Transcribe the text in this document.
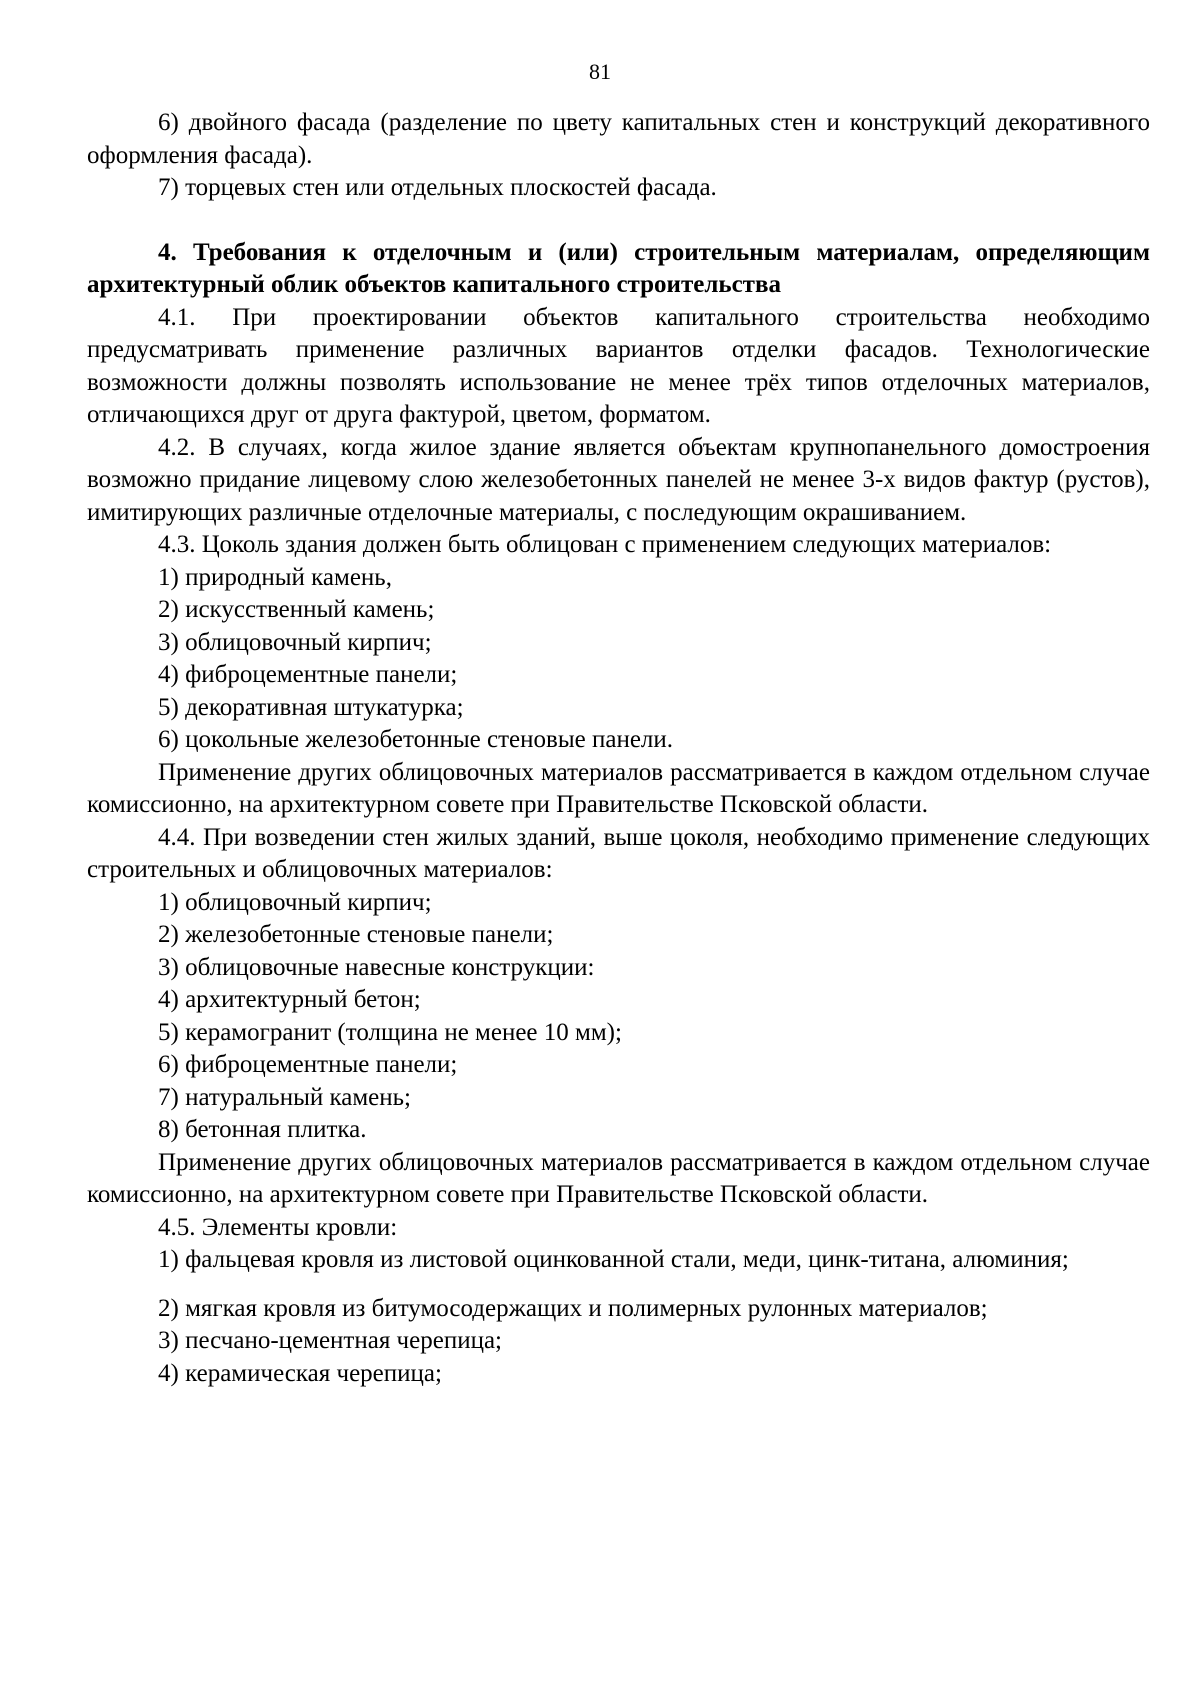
81

6) двойного фасада (разделение по цвету капитальных стен и конструкций декоративного оформления фасада).

7) торцевых стен или отдельных плоскостей фасада.

4. Требования к отделочным и (или) строительным материалам, определяющим архитектурный облик объектов капитального строительства

4.1. При проектировании объектов капитального строительства необходимо предусматривать применение различных вариантов отделки фасадов. Технологические возможности должны позволять использование не менее трёх типов отделочных материалов, отличающихся друг от друга фактурой, цветом, форматом.

4.2. В случаях, когда жилое здание является объектам крупнопанельного домостроения возможно придание лицевому слою железобетонных панелей не менее 3-х видов фактур (рустов), имитирующих различные отделочные материалы, с последующим окрашиванием.

4.3. Цоколь здания должен быть облицован с применением следующих материалов:

1) природный камень,

2) искусственный камень;

3) облицовочный кирпич;

4) фиброцементные панели;

5) декоративная штукатурка;

6) цокольные железобетонные стеновые панели.

Применение других облицовочных материалов рассматривается в каждом отдельном случае комиссионно, на архитектурном совете при Правительстве Псковской области.

4.4. При возведении стен жилых зданий, выше цоколя, необходимо применение следующих строительных и облицовочных материалов:

1) облицовочный кирпич;

2) железобетонные стеновые панели;

3) облицовочные навесные конструкции:

4) архитектурный бетон;

5) керамогранит (толщина не менее 10 мм);

6) фиброцементные панели;

7) натуральный камень;

8) бетонная плитка.

Применение других облицовочных материалов рассматривается в каждом отдельном случае комиссионно, на архитектурном совете при Правительстве Псковской области.

4.5. Элементы кровли:

1) фальцевая кровля из листовой оцинкованной стали, меди, цинк-титана, алюминия;

2) мягкая кровля из битумосодержащих и полимерных рулонных материалов;

3) песчано-цементная черепица;

4) керамическая черепица;
